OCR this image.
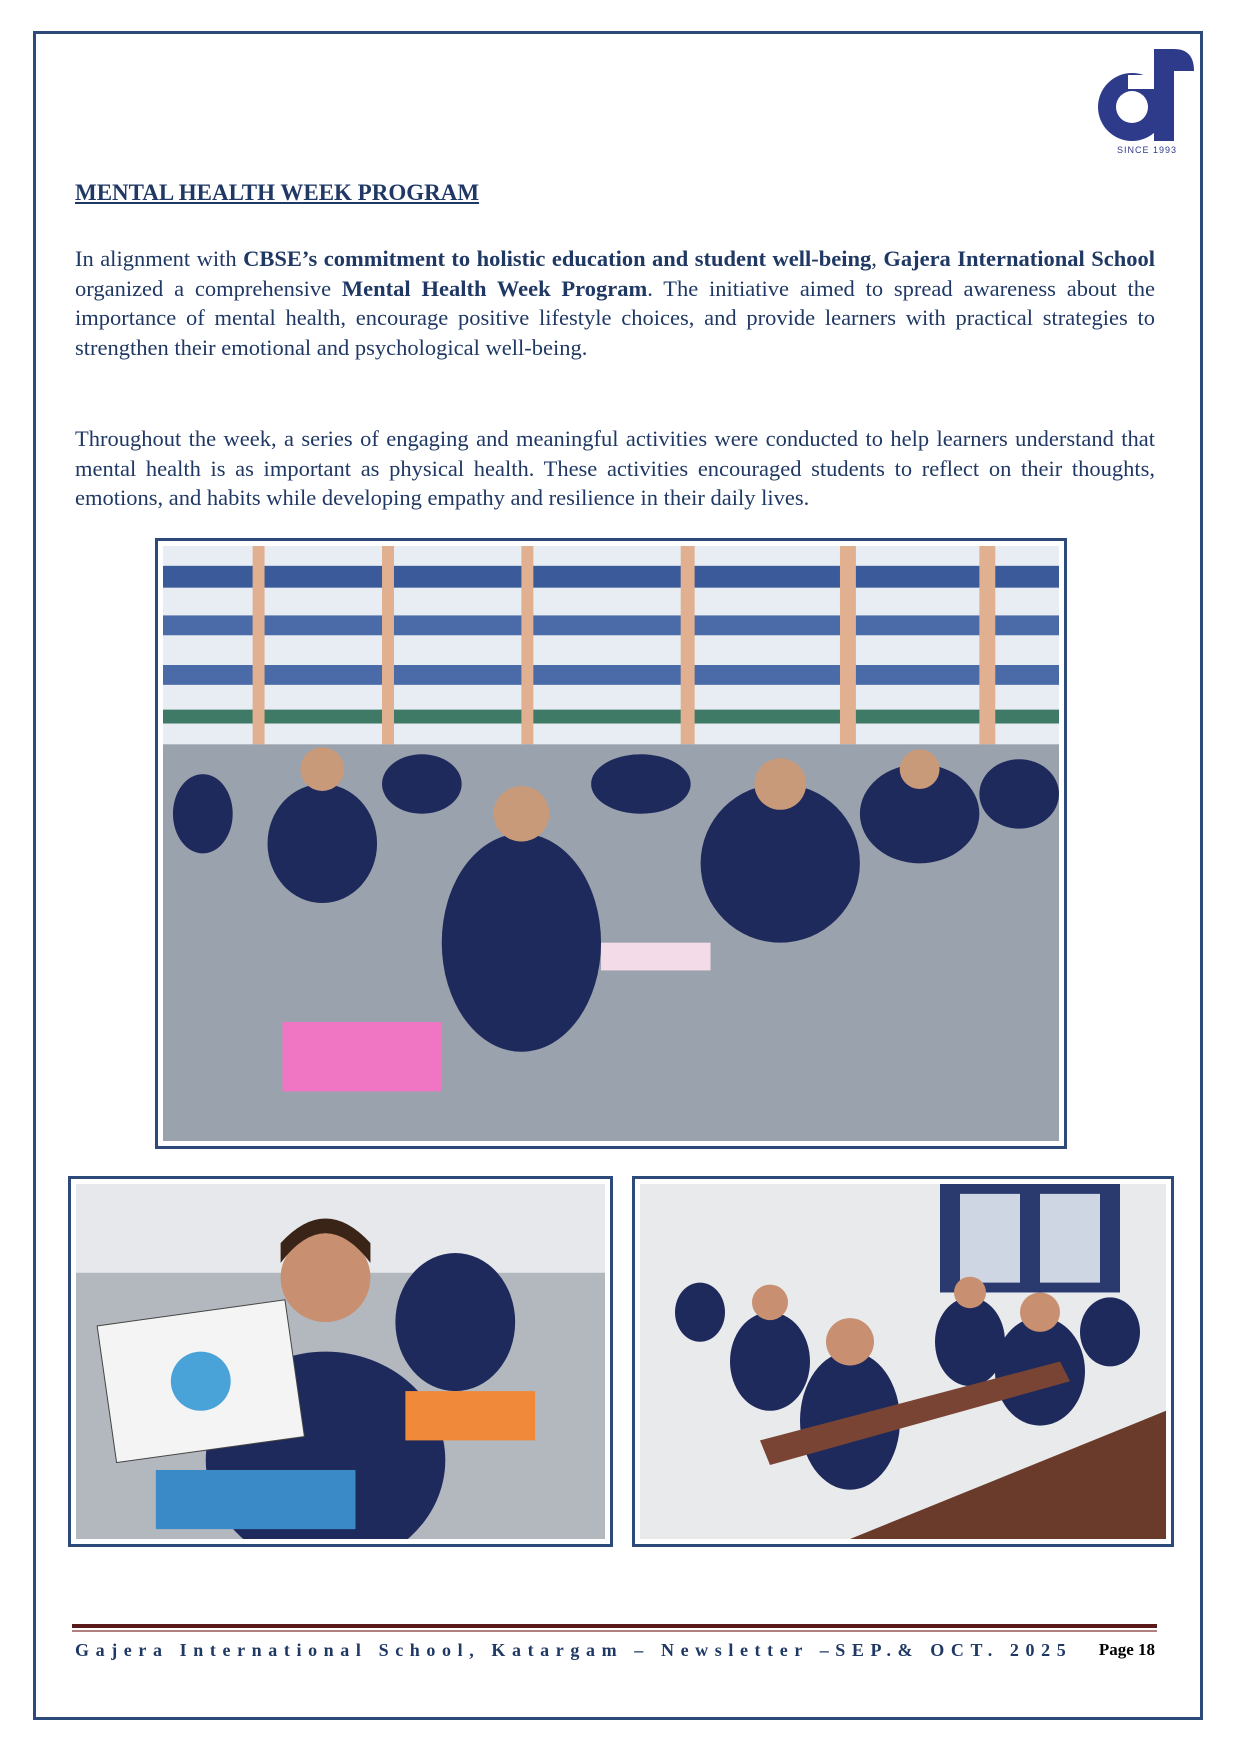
SINCE 1993
MENTAL HEALTH WEEK PROGRAM

In alignment with CBSE’s commitment to holistic education and student well-being, Gajera International School organized a comprehensive Mental Health Week Program. The initiative aimed to spread awareness about the importance of mental health, encourage positive lifestyle choices, and provide learners with practical strategies to strengthen their emotional and psychological well-being.

Throughout the week, a series of engaging and meaningful activities were conducted to help learners understand that mental health is as important as physical health. These activities encouraged students to reflect on their thoughts, emotions, and habits while developing empathy and resilience in their daily lives.

Gajera International School, Katargam – Newsletter –SEP.& OCT. 2025 Page 18
